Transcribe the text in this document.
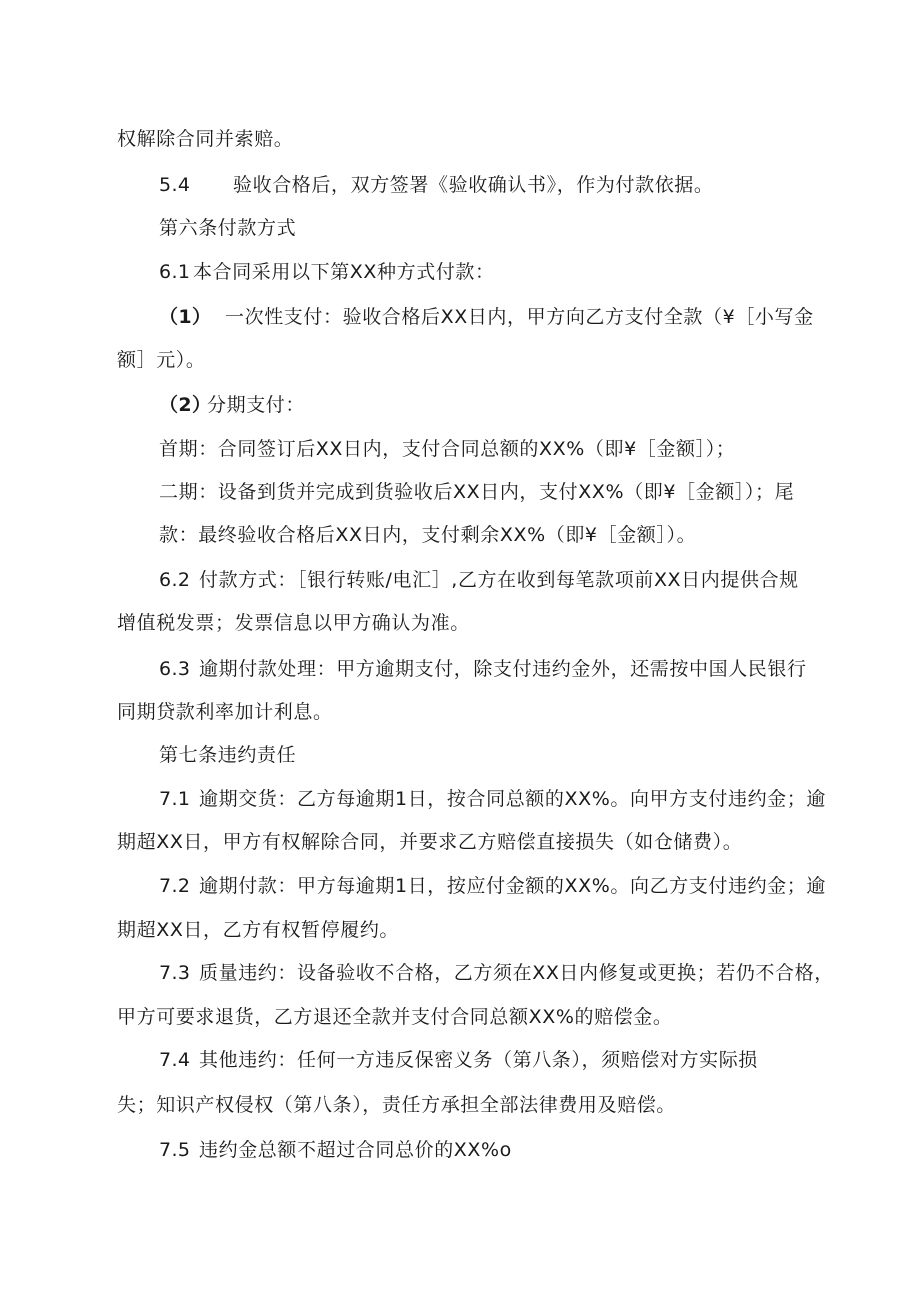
权解除合同并索赔。
5.4 验收合格后，双方签署《验收确认书》，作为付款依据。
第六条付款方式
6.1 本合同采用以下第XX种方式付款：
（1） 一次性支付：验收合格后XX日内，甲方向乙方支付全款（¥［小写金
额］元）。
（2）分期支付：
首期：合同签订后XX日内，支付合同总额的XX%（即¥［金额］）；
二期：设备到货并完成到货验收后XX日内，支付XX%（即¥［金额］）；尾
款：最终验收合格后XX日内，支付剩余XX%（即¥［金额］）。
6.2 付款方式：［银行转账/电汇］,乙方在收到每笔款项前XX日内提供合规
增值税发票；发票信息以甲方确认为准。
6.3 逾期付款处理：甲方逾期支付，除支付违约金外，还需按中国人民银行
同期贷款利率加计利息。
第七条违约责任
7.1 逾期交货：乙方每逾期1日，按合同总额的XX%。向甲方支付违约金；逾
期超XX日，甲方有权解除合同，并要求乙方赔偿直接损失（如仓储费）。
7.2 逾期付款：甲方每逾期1日，按应付金额的XX%。向乙方支付违约金；逾
期超XX日，乙方有权暂停履约。
7.3 质量违约：设备验收不合格，乙方须在XX日内修复或更换；若仍不合格，
甲方可要求退货，乙方退还全款并支付合同总额XX%的赔偿金。
7.4 其他违约：任何一方违反保密义务（第八条），须赔偿对方实际损
失；知识产权侵权（第八条），责任方承担全部法律费用及赔偿。
7.5 违约金总额不超过合同总价的XX%o
